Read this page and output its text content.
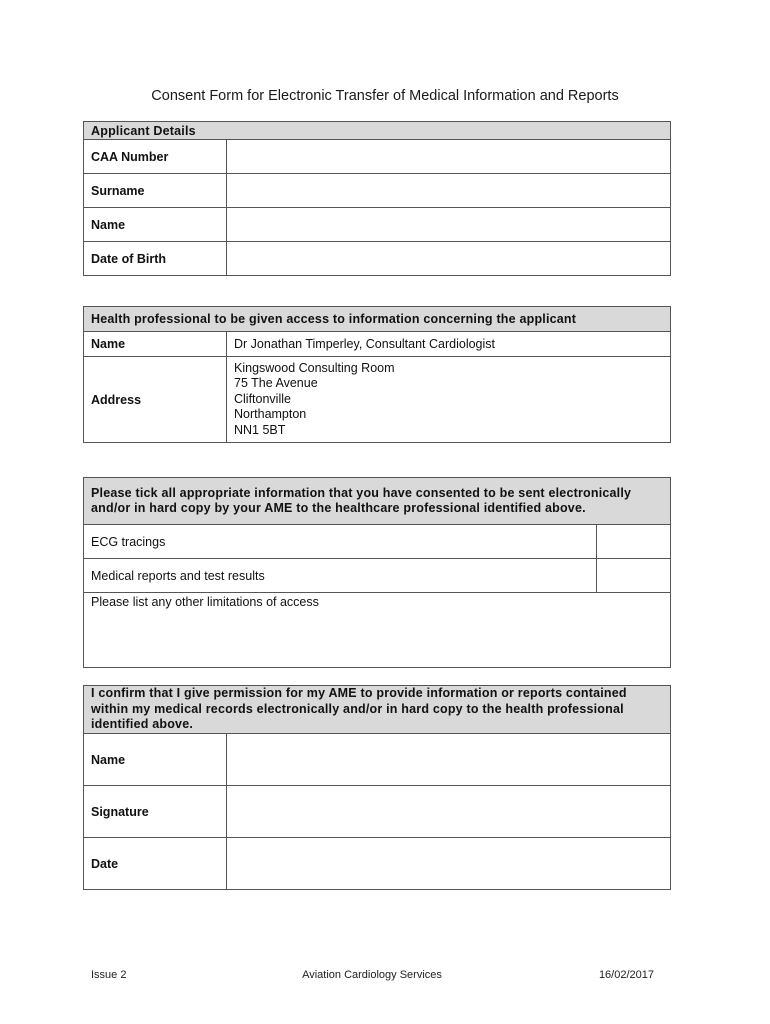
Consent Form for Electronic Transfer of Medical Information and Reports
Applicant Details	
CAA Number	
Surname	
Name	
Date of Birth	
Health professional to be given access to information concerning the applicant	
Name	Dr Jonathan Timperley, Consultant Cardiologist
Address	Kingswood Consulting Room
75 The Avenue
Cliftonville
Northampton
NN1 5BT
Please tick all appropriate information that you have consented to be sent electronically and/or in hard copy by your AME to the healthcare professional identified above.	
ECG tracings	
Medical reports and test results	
Please list any other limitations of access	
I confirm that I give permission for my AME to provide information or reports contained within my medical records electronically and/or in hard copy to the health professional identified above.	
Name	
Signature	
Date	
Issue 2	Aviation Cardiology Services	16/02/2017
